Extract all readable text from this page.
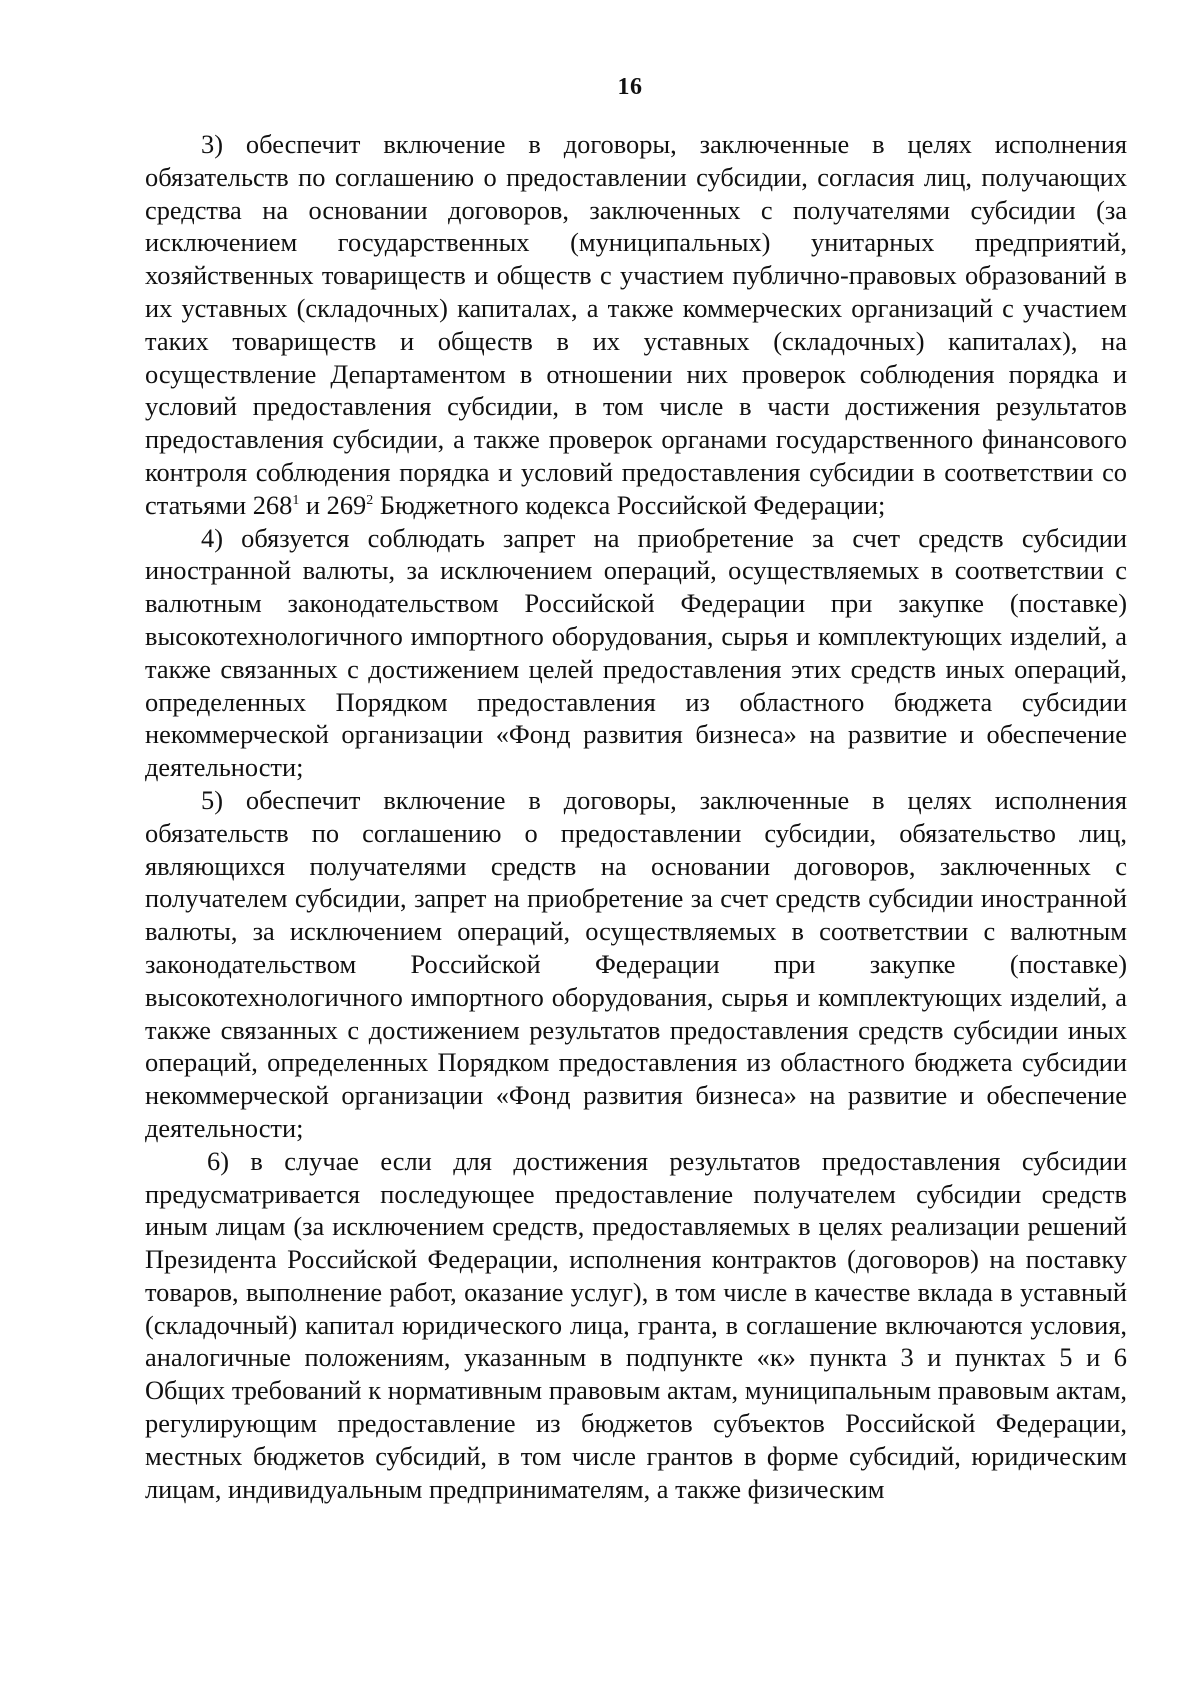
16

3) обеспечит включение в договоры, заключенные в целях исполнения обязательств по соглашению о предоставлении субсидии, согласия лиц, получающих средства на основании договоров, заключенных с получателями субсидии (за исключением государственных (муниципальных) унитарных предприятий, хозяйственных товариществ и обществ с участием публично-правовых образований в их уставных (складочных) капиталах, а также коммерческих организаций с участием таких товариществ и обществ в их уставных (складочных) капиталах), на осуществление Департаментом в отношении них проверок соблюдения порядка и условий предоставления субсидии, в том числе в части достижения результатов предоставления субсидии, а также проверок органами государственного финансового контроля соблюдения порядка и условий предоставления субсидии в соответствии со статьями $268^1$ и $269^2$ Бюджетного кодекса Российской Федерации;

4) обязуется соблюдать запрет на приобретение за счет средств субсидии иностранной валюты, за исключением операций, осуществляемых в соответствии с валютным законодательством Российской Федерации при закупке (поставке) высокотехнологичного импортного оборудования, сырья и комплектующих изделий, а также связанных с достижением целей предоставления этих средств иных операций, определенных Порядком предоставления из областного бюджета субсидии некоммерческой организации «Фонд развития бизнеса» на развитие и обеспечение деятельности;

5) обеспечит включение в договоры, заключенные в целях исполнения обязательств по соглашению о предоставлении субсидии, обязательство лиц, являющихся получателями средств на основании договоров, заключенных с получателем субсидии, запрет на приобретение за счет средств субсидии иностранной валюты, за исключением операций, осуществляемых в соответствии с валютным законодательством Российской Федерации при закупке (поставке) высокотехнологичного импортного оборудования, сырья и комплектующих изделий, а также связанных с достижением результатов предоставления средств субсидии иных операций, определенных Порядком предоставления из областного бюджета субсидии некоммерческой организации «Фонд развития бизнеса» на развитие и обеспечение деятельности;

6) в случае если для достижения результатов предоставления субсидии предусматривается последующее предоставление получателем субсидии средств иным лицам (за исключением средств, предоставляемых в целях реализации решений Президента Российской Федерации, исполнения контрактов (договоров) на поставку товаров, выполнение работ, оказание услуг), в том числе в качестве вклада в уставный (складочный) капитал юридического лица, гранта, в соглашение включаются условия, аналогичные положениям, указанным в подпункте «к» пункта 3 и пунктах 5 и 6 Общих требований к нормативным правовым актам, муниципальным правовым актам, регулирующим предоставление из бюджетов субъектов Российской Федерации, местных бюджетов субсидий, в том числе грантов в форме субсидий, юридическим лицам, индивидуальным предпринимателям, а также физическим
